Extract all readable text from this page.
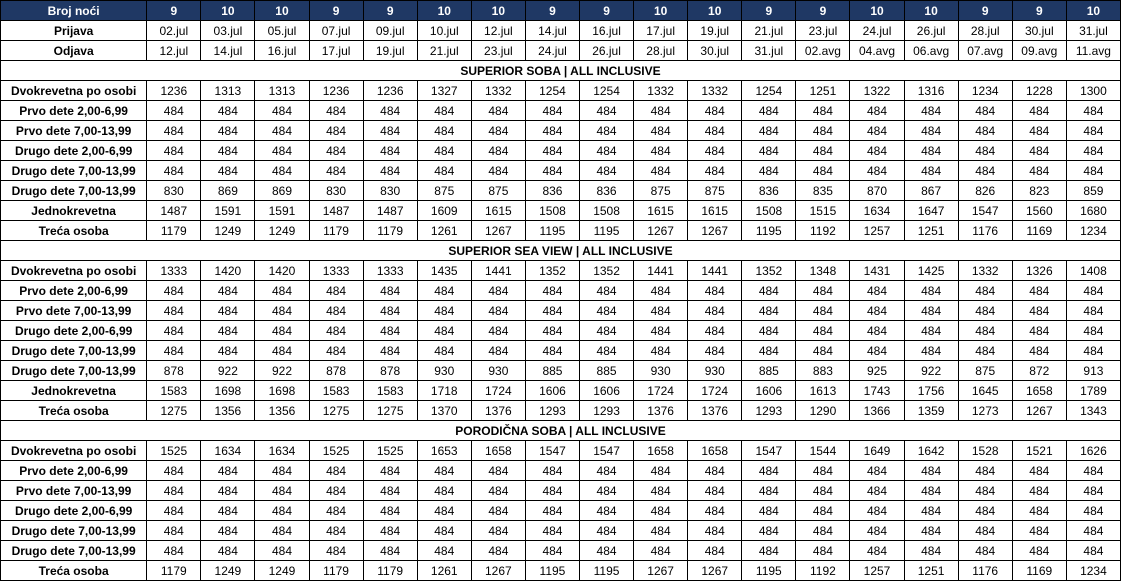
Broj noći	9	10	10	9	9	10	10	9	9	10	10	9	9	10	10	9	9	10
Prijava	02.jul	03.jul	05.jul	07.jul	09.jul	10.jul	12.jul	14.jul	16.jul	17.jul	19.jul	21.jul	23.jul	24.jul	26.jul	28.jul	30.jul	31.jul
Odjava	12.jul	14.jul	16.jul	17.jul	19.jul	21.jul	23.jul	24.jul	26.jul	28.jul	30.jul	31.jul	02.avg	04.avg	06.avg	07.avg	09.avg	11.avg
SUPERIOR SOBA | ALL INCLUSIVE																		
Dvokrevetna po osobi	1236	1313	1313	1236	1236	1327	1332	1254	1254	1332	1332	1254	1251	1322	1316	1234	1228	1300
Prvo dete 2,00-6,99	484	484	484	484	484	484	484	484	484	484	484	484	484	484	484	484	484	484
Prvo dete 7,00-13,99	484	484	484	484	484	484	484	484	484	484	484	484	484	484	484	484	484	484
Drugo dete 2,00-6,99	484	484	484	484	484	484	484	484	484	484	484	484	484	484	484	484	484	484
Drugo dete 7,00-13,99	484	484	484	484	484	484	484	484	484	484	484	484	484	484	484	484	484	484
Drugo dete 7,00-13,99	830	869	869	830	830	875	875	836	836	875	875	836	835	870	867	826	823	859
Jednokrevetna	1487	1591	1591	1487	1487	1609	1615	1508	1508	1615	1615	1508	1515	1634	1647	1547	1560	1680
Treća osoba	1179	1249	1249	1179	1179	1261	1267	1195	1195	1267	1267	1195	1192	1257	1251	1176	1169	1234
SUPERIOR SEA VIEW | ALL INCLUSIVE																		
Dvokrevetna po osobi	1333	1420	1420	1333	1333	1435	1441	1352	1352	1441	1441	1352	1348	1431	1425	1332	1326	1408
Prvo dete 2,00-6,99	484	484	484	484	484	484	484	484	484	484	484	484	484	484	484	484	484	484
Prvo dete 7,00-13,99	484	484	484	484	484	484	484	484	484	484	484	484	484	484	484	484	484	484
Drugo dete 2,00-6,99	484	484	484	484	484	484	484	484	484	484	484	484	484	484	484	484	484	484
Drugo dete 7,00-13,99	484	484	484	484	484	484	484	484	484	484	484	484	484	484	484	484	484	484
Drugo dete 7,00-13,99	878	922	922	878	878	930	930	885	885	930	930	885	883	925	922	875	872	913
Jednokrevetna	1583	1698	1698	1583	1583	1718	1724	1606	1606	1724	1724	1606	1613	1743	1756	1645	1658	1789
Treća osoba	1275	1356	1356	1275	1275	1370	1376	1293	1293	1376	1376	1293	1290	1366	1359	1273	1267	1343
PORODIČNA SOBA | ALL INCLUSIVE																		
Dvokrevetna po osobi	1525	1634	1634	1525	1525	1653	1658	1547	1547	1658	1658	1547	1544	1649	1642	1528	1521	1626
Prvo dete 2,00-6,99	484	484	484	484	484	484	484	484	484	484	484	484	484	484	484	484	484	484
Prvo dete 7,00-13,99	484	484	484	484	484	484	484	484	484	484	484	484	484	484	484	484	484	484
Drugo dete 2,00-6,99	484	484	484	484	484	484	484	484	484	484	484	484	484	484	484	484	484	484
Drugo dete 7,00-13,99	484	484	484	484	484	484	484	484	484	484	484	484	484	484	484	484	484	484
Drugo dete 7,00-13,99	484	484	484	484	484	484	484	484	484	484	484	484	484	484	484	484	484	484
Treća osoba	1179	1249	1249	1179	1179	1261	1267	1195	1195	1267	1267	1195	1192	1257	1251	1176	1169	1234
